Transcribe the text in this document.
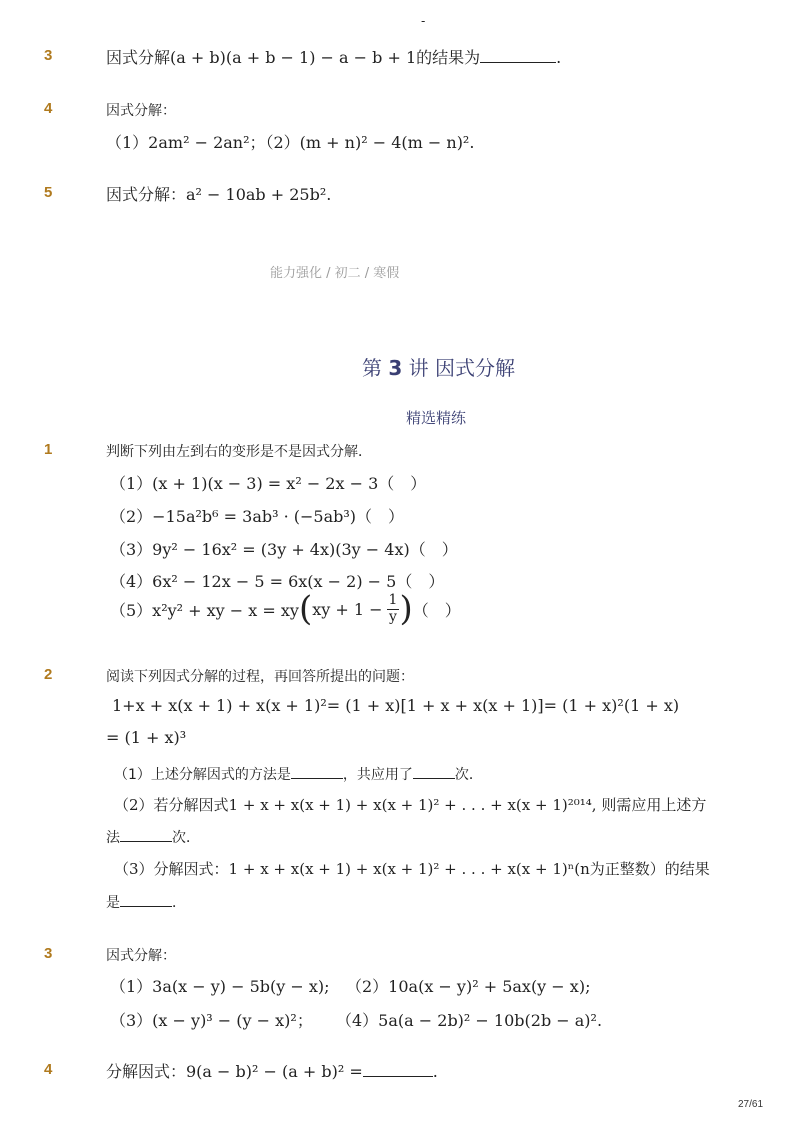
-
3	因式分解(a + b)(a + b − 1) − a − b + 1的结果为	.
4	因式分解：
（1）2am² − 2an²；（2）(m + n)² − 4(m − n)².
5	因式分解：a² − 10ab + 25b².
能力强化 / 初二 / 寒假
第 3 讲 因式分解
精选精练
1	判断下列由左到右的变形是不是因式分解．
（1）(x + 1)(x − 3) = x² − 2x − 3（　）
（2）−15a²b⁶ = 3ab³ · (−5ab³)（　）
（3）9y² − 16x² = (3y + 4x)(3y − 4x)（　）
（4）6x² − 12x − 5 = 6x(x − 2) − 5（　）
（5）x²y² + xy − x = xy ( xy + $1 - \frac{1}{y}$ ) （　）
2	阅读下列因式分解的过程，再回答所提出的问题：
1+x + x(x + 1) + x(x + 1)²= (1 + x)[1 + x + x(x + 1)]= (1 + x)²(1 + x)
= (1 + x)³
（1）上述分解因式的方法是	，共应用了	次．
（2）若分解因式1 + x + x(x + 1) + x(x + 1)² + . . . + x(x + 1)²⁰¹⁴, 则需应用上述方
法	次．
（3）分解因式：1 + x + x(x + 1) + x(x + 1)² + . . . + x(x + 1)ⁿ(n为正整数）的结果
是	．
3	因式分解：
（1）3a(x − y) − 5b(y − x); （2）10a(x − y)² + 5ax(y − x);
（3）(x − y)³ − (y − x)²； （4）5a(a − 2b)² − 10b(2b − a)².
4	分解因式：9(a − b)² − (a + b)² =	.
27/61
